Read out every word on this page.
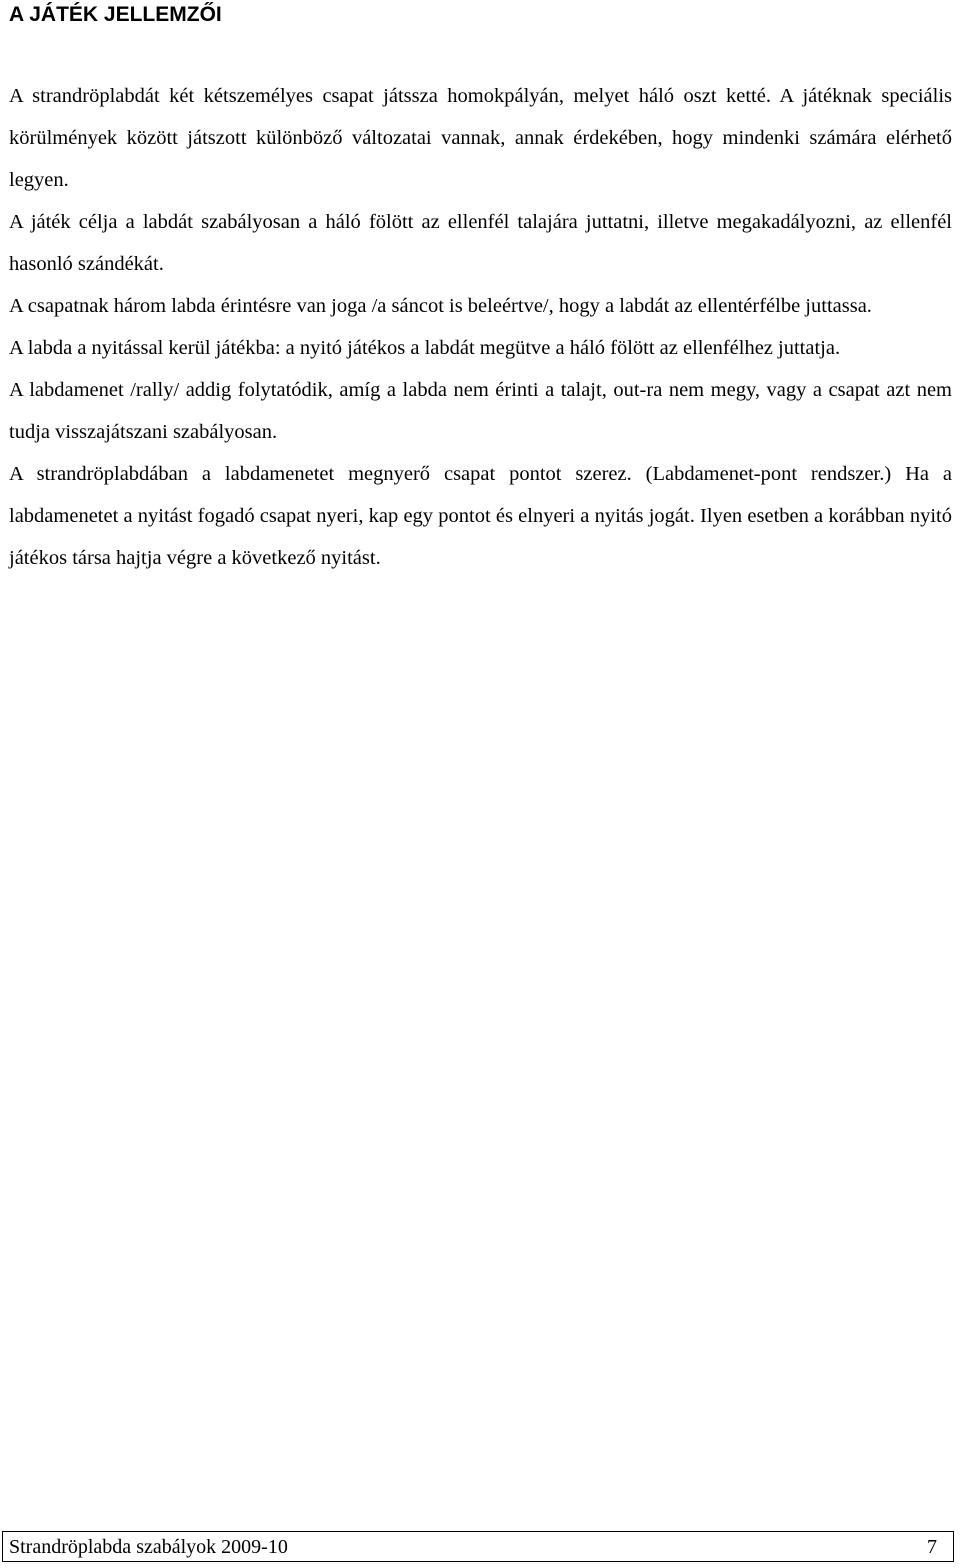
A JÁTÉK JELLEMZŐI

A strandröplabdát két kétszemélyes csapat játssza homokpályán, melyet háló oszt ketté. A játéknak speciális körülmények között játszott különböző változatai vannak, annak érdekében, hogy mindenki számára elérhető legyen.

A játék célja a labdát szabályosan a háló fölött az ellenfél talajára juttatni, illetve megakadályozni, az ellenfél hasonló szándékát.

A csapatnak három labda érintésre van joga /a sáncot is beleértve/, hogy a labdát az ellentérfélbe juttassa.

A labda a nyitással kerül játékba: a nyitó játékos a labdát megütve a háló fölött az ellenfélhez juttatja.

A labdamenet /rally/ addig folytatódik, amíg a labda nem érinti a talajt, out-ra nem megy, vagy a csapat azt nem tudja visszajátszani szabályosan.

A strandröplabdában a labdamenetet megnyerő csapat pontot szerez. (Labdamenet-pont rendszer.) Ha a labdamenetet a nyitást fogadó csapat nyeri, kap egy pontot és elnyeri a nyitás jogát. Ilyen esetben a korábban nyitó játékos társa hajtja végre a következő nyitást.

Strandröplabda szabályok 2009-10	7
